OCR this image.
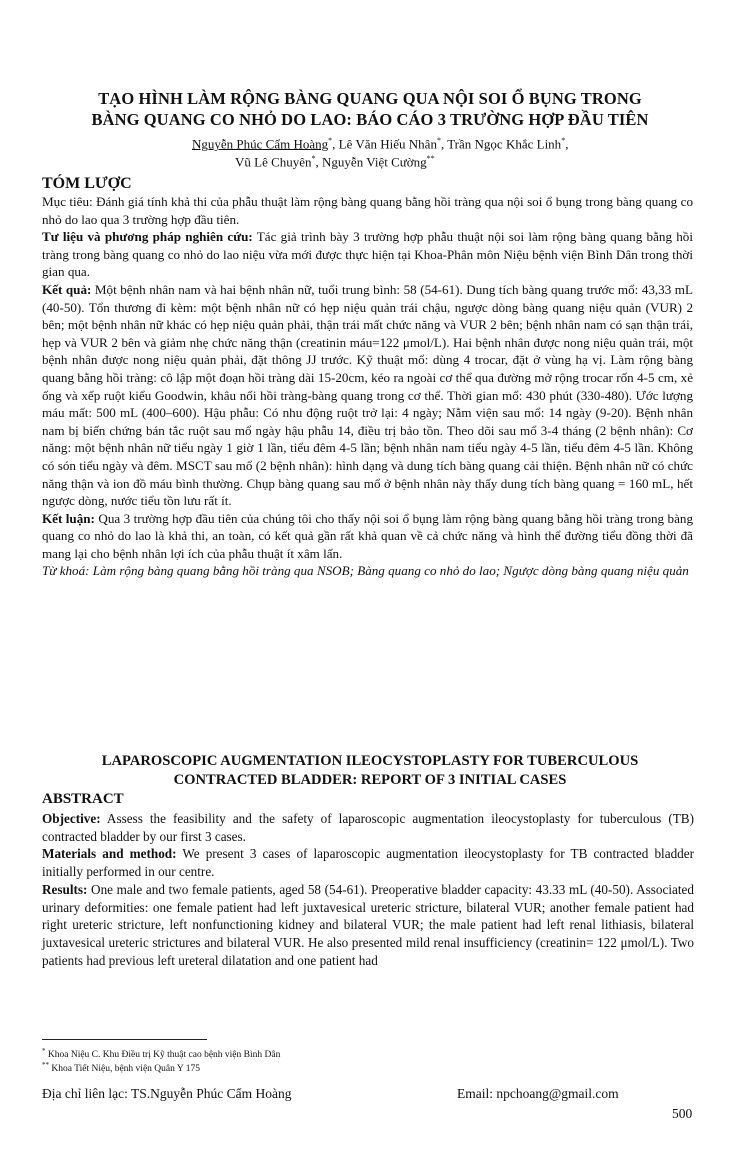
TẠO HÌNH LÀM RỘNG BÀNG QUANG QUA NỘI SOI Ổ BỤNG TRONG
BÀNG QUANG CO NHỎ DO LAO: BÁO CÁO 3 TRƯỜNG HỢP ĐẦU TIÊN
Nguyễn Phúc Cẩm Hoàng*, Lê Văn Hiếu Nhân*, Trần Ngọc Khắc Linh*,
Vũ Lê Chuyên*, Nguyễn Việt Cường**
TÓM LƯỢC

Mục tiêu: Đánh giá tính khả thi của phẫu thuật làm rộng bàng quang bằng hồi tràng qua nội soi ổ bụng trong bàng quang co nhỏ do lao qua 3 trường hợp đầu tiên.

Tư liệu và phương pháp nghiên cứu: Tác giả trình bày 3 trường hợp phẫu thuật nội soi làm rộng bàng quang bằng hồi tràng trong bàng quang co nhỏ do lao niệu vừa mới được thực hiện tại Khoa-Phân môn Niệu bệnh viện Bình Dân trong thời gian qua.

Kết quả: Một bệnh nhân nam và hai bệnh nhân nữ, tuổi trung bình: 58 (54-61). Dung tích bàng quang trước mổ: 43,33 mL (40-50). Tổn thương đi kèm: một bệnh nhân nữ có hẹp niệu quản trái chậu, ngược dòng bàng quang niệu quản (VUR) 2 bên; một bệnh nhân nữ khác có hẹp niệu quản phải, thận trái mất chức năng và VUR 2 bên; bệnh nhân nam có sạn thận trái, hẹp và VUR 2 bên và giảm nhẹ chức năng thận (creatinin máu=122 μmol/L). Hai bệnh nhân được nong niệu quản trái, một bệnh nhân được nong niệu quản phải, đặt thông JJ trước. Kỹ thuật mổ: dùng 4 trocar, đặt ở vùng hạ vị. Làm rộng bàng quang bằng hồi tràng: cô lập một đoạn hồi tràng dài 15-20cm, kéo ra ngoài cơ thể qua đường mở rộng trocar rốn 4-5 cm, xẻ ống và xếp ruột kiểu Goodwin, khâu nối hồi tràng-bàng quang trong cơ thể. Thời gian mổ: 430 phút (330-480). Ước lượng máu mất: 500 mL (400–600). Hậu phẫu: Có nhu động ruột trở lại: 4 ngày; Nằm viện sau mổ: 14 ngày (9-20). Bệnh nhân nam bị biến chứng bán tắc ruột sau mổ ngày hậu phẫu 14, điều trị bảo tồn. Theo dõi sau mổ 3-4 tháng (2 bệnh nhân): Cơ năng: một bệnh nhân nữ tiểu ngày 1 giờ 1 lần, tiểu đêm 4-5 lần; bệnh nhân nam tiểu ngày 4-5 lần, tiểu đêm 4-5 lần. Không có són tiểu ngày và đêm. MSCT sau mổ (2 bệnh nhân): hình dạng và dung tích bàng quang cải thiện. Bệnh nhân nữ có chức năng thận và ion đồ máu bình thường. Chụp bàng quang sau mổ ở bệnh nhân này thấy dung tích bàng quang = 160 mL, hết ngược dòng, nước tiểu tồn lưu rất ít.

Kết luận: Qua 3 trường hợp đầu tiên của chúng tôi cho thấy nội soi ổ bụng làm rộng bàng quang bằng hồi tràng trong bàng quang co nhỏ do lao là khả thi, an toàn, có kết quả gần rất khả quan về cả chức năng và hình thể đường tiểu đồng thời đã mang lại cho bệnh nhân lợi ích của phẫu thuật ít xâm lấn.

Từ khoá: Làm rộng bàng quang bằng hồi tràng qua NSOB; Bàng quang co nhỏ do lao; Ngược dòng bàng quang niệu quản

LAPAROSCOPIC AUGMENTATION ILEOCYSTOPLASTY FOR TUBERCULOUS
CONTRACTED BLADDER: REPORT OF 3 INITIAL CASES
ABSTRACT

Objective: Assess the feasibility and the safety of laparoscopic augmentation ileocystoplasty for tuberculous (TB) contracted bladder by our first 3 cases.

Materials and method: We present 3 cases of laparoscopic augmentation ileocystoplasty for TB contracted bladder initially performed in our centre.

Results: One male and two female patients, aged 58 (54-61). Preoperative bladder capacity: 43.33 mL (40-50). Associated urinary deformities: one female patient had left juxtavesical ureteric stricture, bilateral VUR; another female patient had right ureteric stricture, left nonfunctioning kidney and bilateral VUR; the male patient had left renal lithiasis, bilateral juxtavesical ureteric strictures and bilateral VUR. He also presented mild renal insufficiency (creatinin= 122 μmol/L). Two patients had previous left ureteral dilatation and one patient had

* Khoa Niệu C. Khu Điều trị Kỹ thuật cao bệnh viện Bình Dân
** Khoa Tiết Niệu, bệnh viện Quân Y 175
Địa chỉ liên lạc: TS.Nguyễn Phúc Cẩm Hoàng	Email: npchoang@gmail.com
500
